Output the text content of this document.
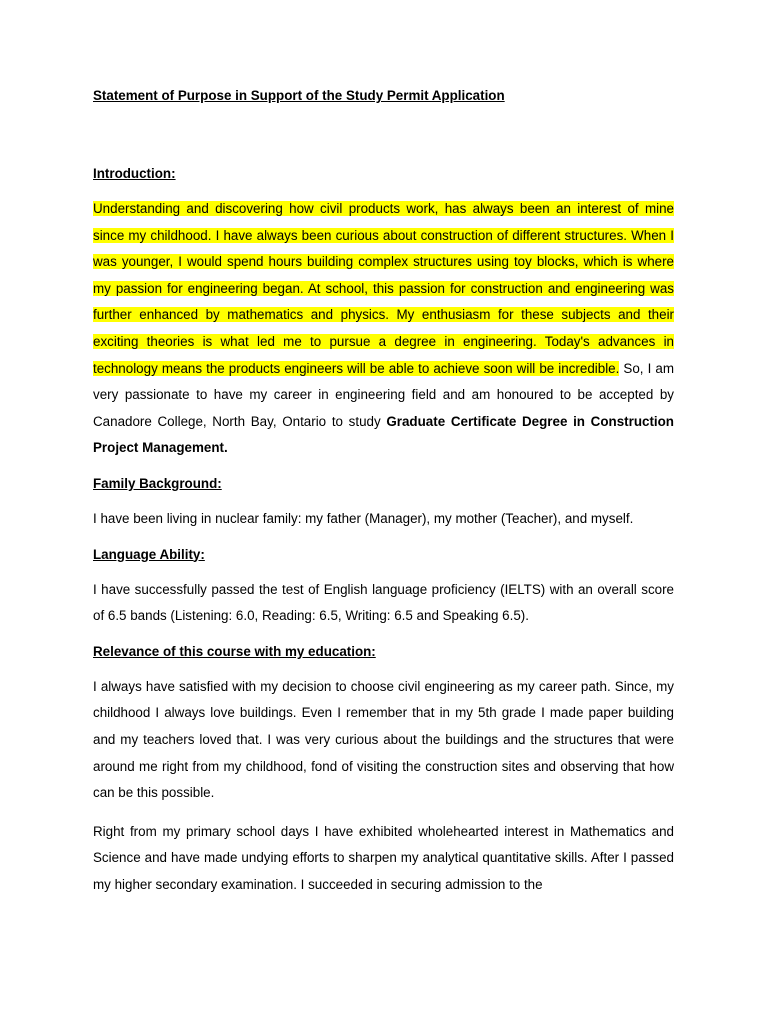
Statement of Purpose in Support of the Study Permit Application

Introduction:

Understanding and discovering how civil products work, has always been an interest of mine since my childhood. I have always been curious about construction of different structures. When I was younger, I would spend hours building complex structures using toy blocks, which is where my passion for engineering began. At school, this passion for construction and engineering was further enhanced by mathematics and physics. My enthusiasm for these subjects and their exciting theories is what led me to pursue a degree in engineering. Today's advances in technology means the products engineers will be able to achieve soon will be incredible. So, I am very passionate to have my career in engineering field and am honoured to be accepted by Canadore College, North Bay, Ontario to study Graduate Certificate Degree in Construction Project Management.

Family Background:

I have been living in nuclear family: my father (Manager), my mother (Teacher), and myself.

Language Ability:

I have successfully passed the test of English language proficiency (IELTS) with an overall score of 6.5 bands (Listening: 6.0, Reading: 6.5, Writing: 6.5 and Speaking 6.5).

Relevance of this course with my education:

I always have satisfied with my decision to choose civil engineering as my career path. Since, my childhood I always love buildings. Even I remember that in my 5th grade I made paper building and my teachers loved that. I was very curious about the buildings and the structures that were around me right from my childhood, fond of visiting the construction sites and observing that how can be this possible.

Right from my primary school days I have exhibited wholehearted interest in Mathematics and Science and have made undying efforts to sharpen my analytical quantitative skills. After I passed my higher secondary examination. I succeeded in securing admission to the
